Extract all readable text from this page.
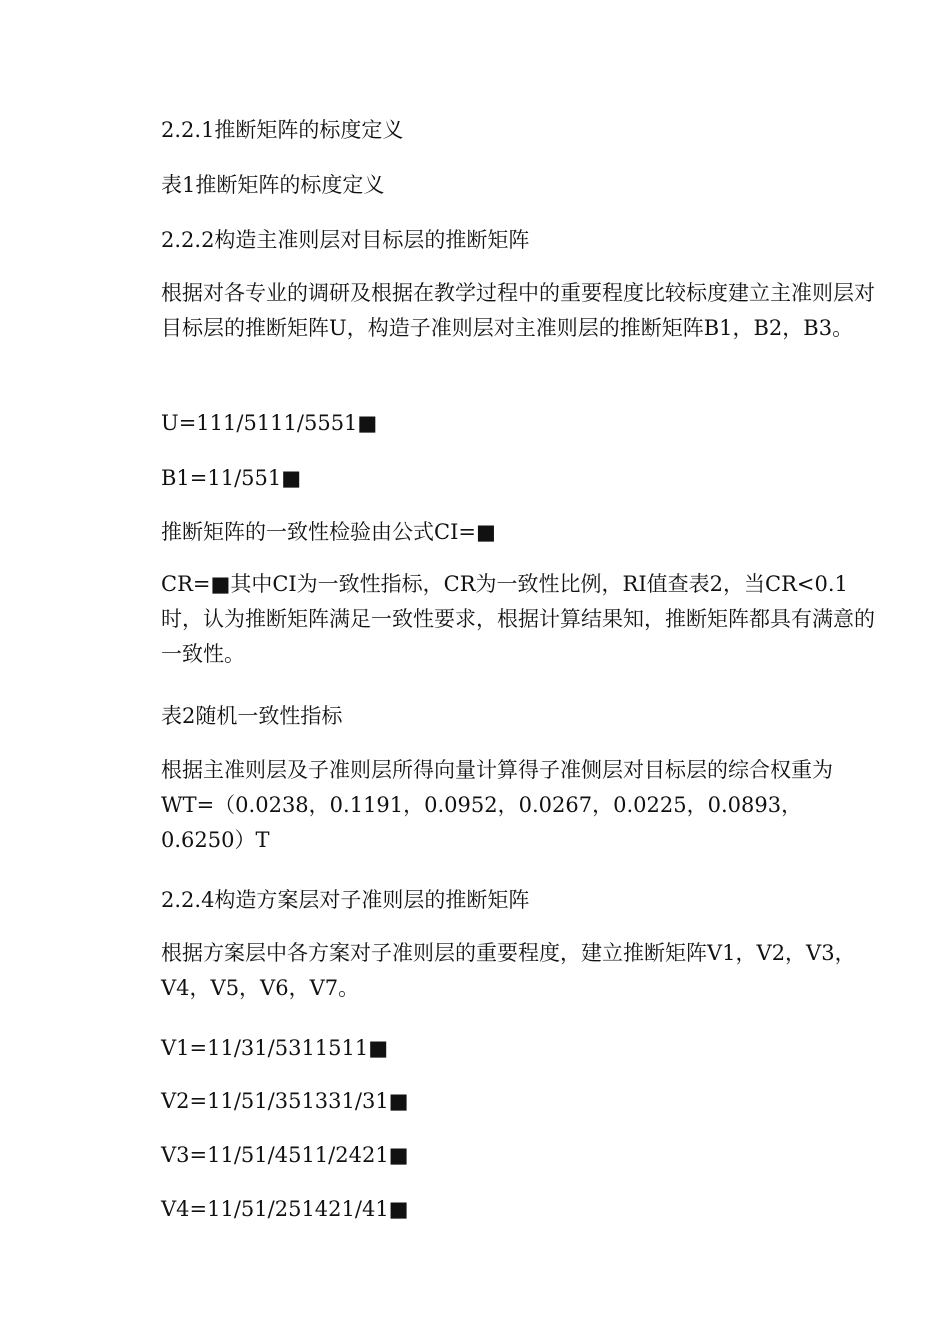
2.2.1推断矩阵的标度定义
表1推断矩阵的标度定义
2.2.2构造主准则层对目标层的推断矩阵
根据对各专业的调研及根据在教学过程中的重要程度比较标度建立主准则层对目标层的推断矩阵U，构造子准则层对主准则层的推断矩阵B1，B2，B3。
U=111/5111/5551■
B1=11/551■
推断矩阵的一致性检验由公式CI=■
CR=■其中CI为一致性指标，CR为一致性比例，RI值查表2，当CR<0.1时，认为推断矩阵满足一致性要求，根据计算结果知，推断矩阵都具有满意的一致性。
表2随机一致性指标
根据主准则层及子准则层所得向量计算得子准侧层对目标层的综合权重为WT=（0.0238，0.1191，0.0952，0.0267，0.0225，0.0893，0.6250）T
2.2.4构造方案层对子准则层的推断矩阵
根据方案层中各方案对子准则层的重要程度，建立推断矩阵V1，V2，V3，V4，V5，V6，V7。
V1=11/31/5311511■
V2=11/51/351331/31■
V3=11/51/4511/2421■
V4=11/51/251421/41■
